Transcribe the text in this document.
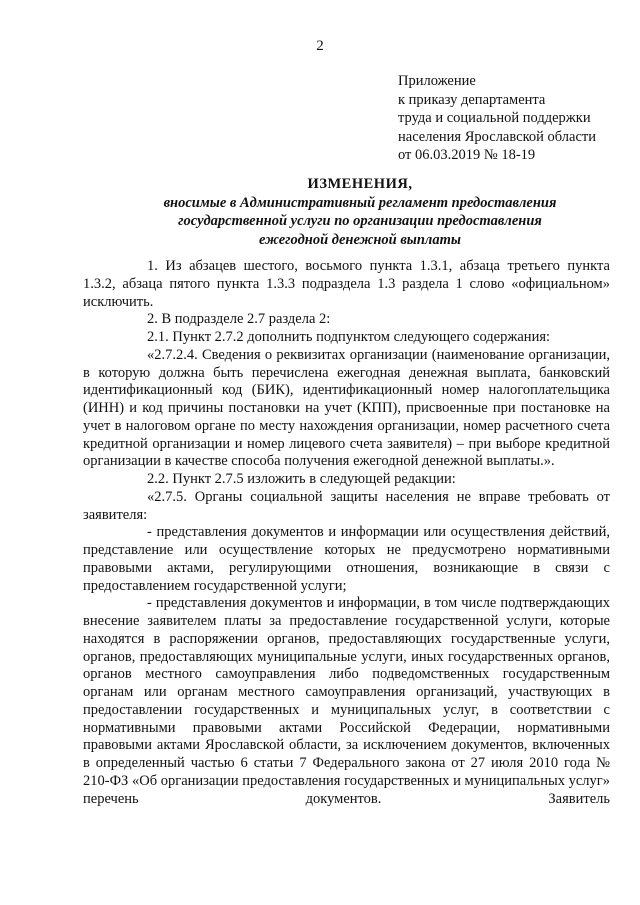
2
Приложение
к приказу департамента
труда и социальной поддержки
населения Ярославской области
от 06.03.2019 № 18-19
ИЗМЕНЕНИЯ,
вносимые в Административный регламент предоставления
государственной услуги по организации предоставления
ежегодной денежной выплаты

1. Из абзацев шестого, восьмого пункта 1.3.1, абзаца третьего пункта 1.3.2, абзаца пятого пункта 1.3.3 подраздела 1.3 раздела 1 слово «официальном» исключить.

2. В подразделе 2.7 раздела 2:

2.1. Пункт 2.7.2 дополнить подпунктом следующего содержания:

«2.7.2.4. Сведения о реквизитах организации (наименование организации, в которую должна быть перечислена ежегодная денежная выплата, банковский идентификационный код (БИК), идентификационный номер налогоплательщика (ИНН) и код причины постановки на учет (КПП), присвоенные при постановке на учет в налоговом органе по месту нахождения организации, номер расчетного счета кредитной организации и номер лицевого счета заявителя) – при выборе кредитной организации в качестве способа получения ежегодной денежной выплаты.».

2.2. Пункт 2.7.5 изложить в следующей редакции:

«2.7.5. Органы социальной защиты населения не вправе требовать от заявителя:

- представления документов и информации или осуществления действий, представление или осуществление которых не предусмотрено нормативными правовыми актами, регулирующими отношения, возникающие в связи с предоставлением государственной услуги;

- представления документов и информации, в том числе подтверждающих внесение заявителем платы за предоставление государственной услуги, которые находятся в распоряжении органов, предоставляющих государственные услуги, органов, предоставляющих муниципальные услуги, иных государственных органов, органов местного самоуправления либо подведомственных государственным органам или органам местного самоуправления организаций, участвующих в предоставлении государственных и муниципальных услуг, в соответствии с нормативными правовыми актами Российской Федерации, нормативными правовыми актами Ярославской области, за исключением документов, включенных в определенный частью 6 статьи 7 Федерального закона от 27 июля 2010 года № 210-ФЗ «Об организации предоставления государственных и муниципальных услуг» перечень документов. Заявитель
